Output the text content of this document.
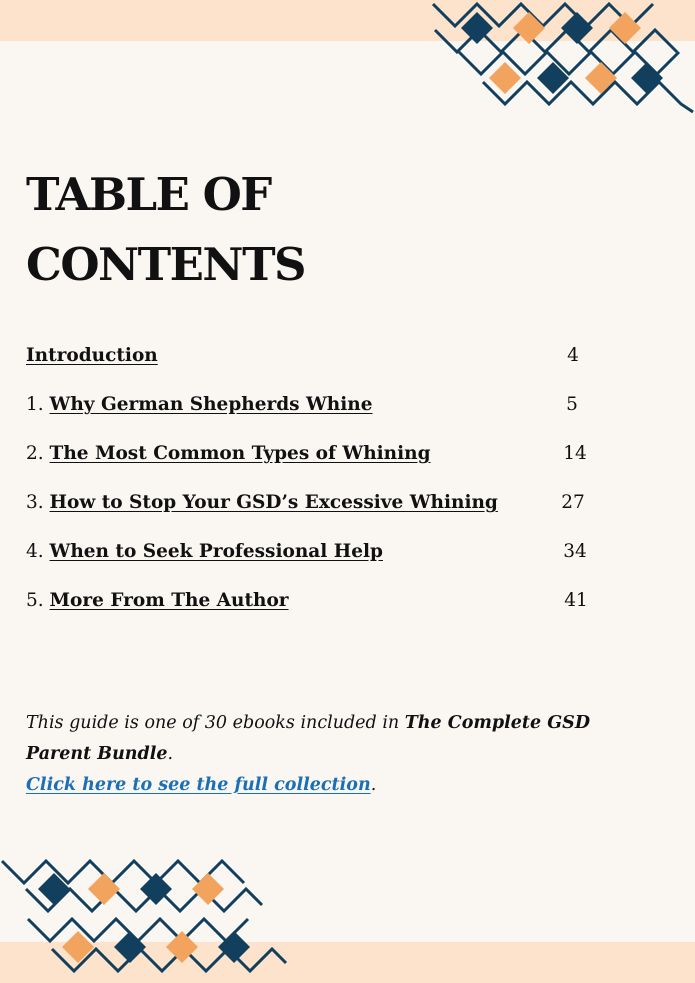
TABLE OF
CONTENTS
Introduction	4
1. Why German Shepherds Whine	5
2. The Most Common Types of Whining	14
3. How to Stop Your GSD’s Excessive Whining	27
4. When to Seek Professional Help	34
5. More From The Author	41

This guide is one of 30 ebooks included in The Complete GSD Parent Bundle.
Click here to see the full collection.
